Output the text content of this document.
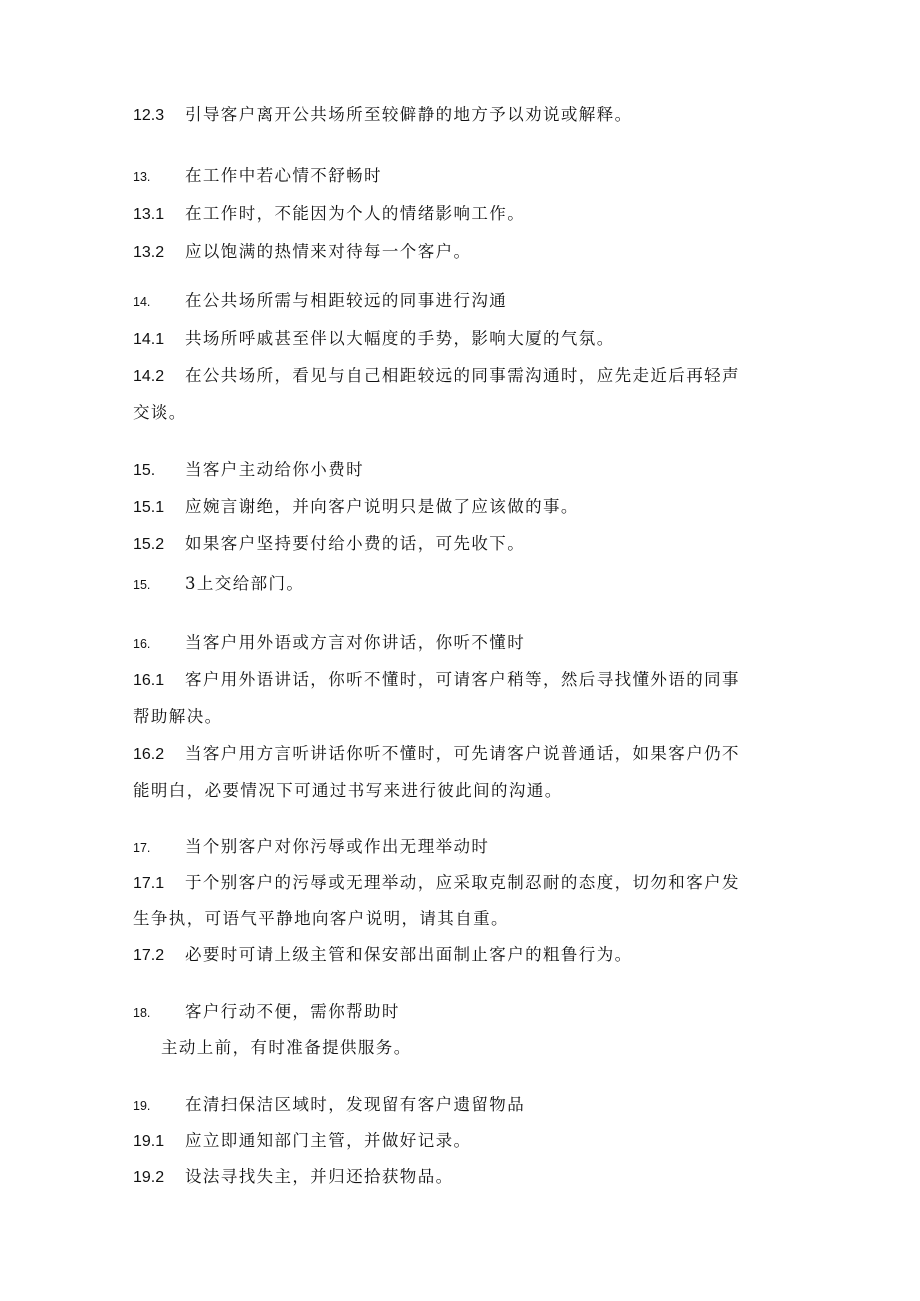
12.3 引导客户离开公共场所至较僻静的地方予以劝说或解释。
13. 在工作中若心情不舒畅时
13.1 在工作时，不能因为个人的情绪影响工作。
13.2 应以饱满的热情来对待每一个客户。
14. 在公共场所需与相距较远的同事进行沟通
14.1 共场所呼戚甚至伴以大幅度的手势，影响大厦的气氛。
14.2 在公共场所，看见与自己相距较远的同事需沟通时，应先走近后再轻声
交谈。
15. 当客户主动给你小费时
15.1 应婉言谢绝，并向客户说明只是做了应该做的事。
15.2 如果客户坚持要付给小费的话，可先收下。
15. 3上交给部门。
16. 当客户用外语或方言对你讲话，你听不懂时
16.1 客户用外语讲话，你听不懂时，可请客户稍等，然后寻找懂外语的同事
帮助解决。
16.2 当客户用方言听讲话你听不懂时，可先请客户说普通话，如果客户仍不
能明白，必要情况下可通过书写来进行彼此间的沟通。
17. 当个别客户对你污辱或作出无理举动时
17.1 于个别客户的污辱或无理举动，应采取克制忍耐的态度，切勿和客户发
生争执，可语气平静地向客户说明，请其自重。
17.2 必要时可请上级主管和保安部出面制止客户的粗鲁行为。
18. 客户行动不便，需你帮助时
主动上前，有时准备提供服务。
19. 在清扫保洁区域时，发现留有客户遗留物品
19.1 应立即通知部门主管，并做好记录。
19.2 设法寻找失主，并归还拾获物品。
